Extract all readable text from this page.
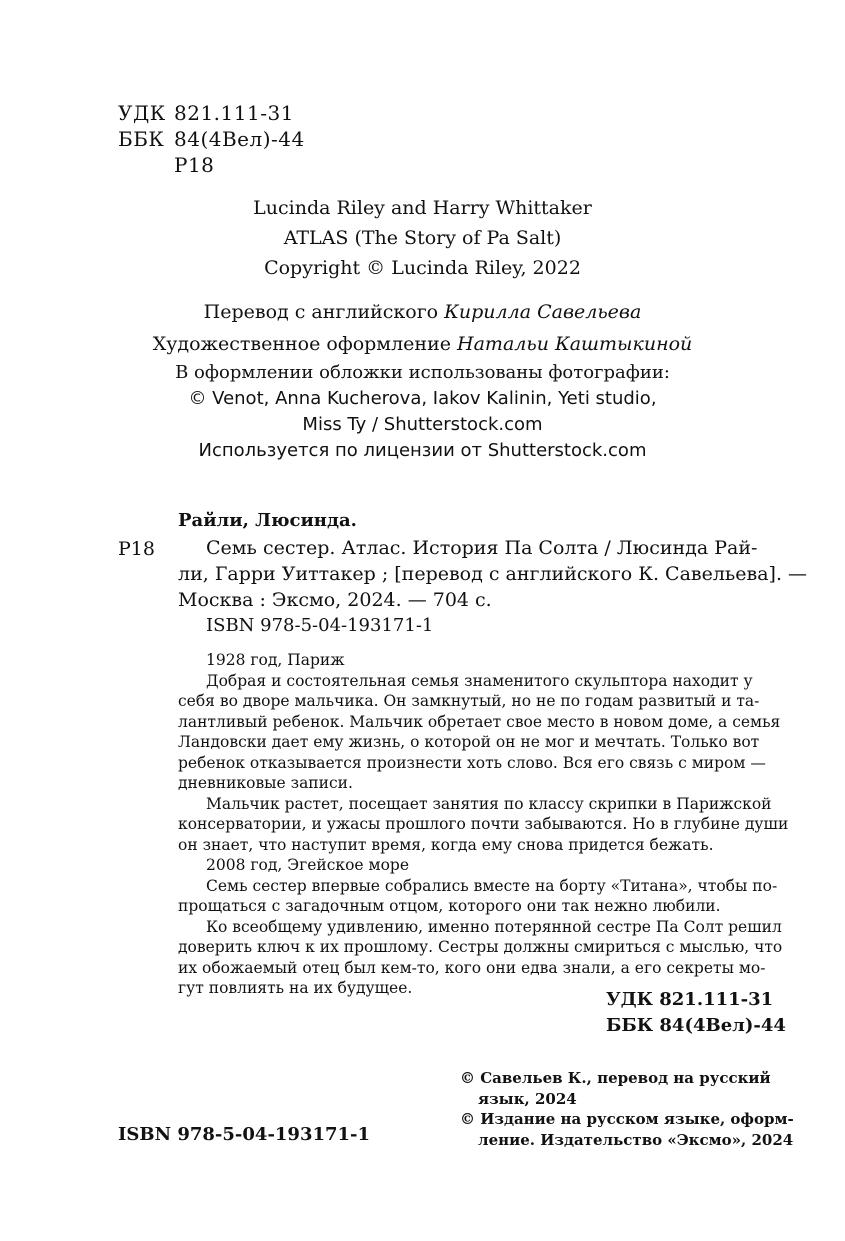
УДК 821.111-31
ББК 84(4Вел)-44
Р18
Lucinda Riley and Harry Whittaker
ATLAS (The Story of Pa Salt)
Copyright © Lucinda Riley, 2022
Перевод с английского Кирилла Савельева
Художественное оформление Натальи Каштыкиной
В оформлении обложки использованы фотографии:
© Venot, Anna Kucherova, Iakov Kalinin, Yeti studio,
Miss Ty / Shutterstock.com
Используется по лицензии от Shutterstock.com
Райли, Люсинда.
Р18	Семь сестер. Атлас. История Па Солта / Люсинда Рай-
ли, Гарри Уиттакер ; [перевод с английского К. Савельева]. —
Москва : Эксмо, 2024. — 704 с.
ISBN 978-5-04-193171-1
1928 год, Париж
Добрая и состоятельная семья знаменитого скульптора находит у
себя во дворе мальчика. Он замкнутый, но не по годам развитый и та-
лантливый ребенок. Мальчик обретает свое место в новом доме, а семья
Ландовски дает ему жизнь, о которой он не мог и мечтать. Только вот
ребенок отказывается произнести хоть слово. Вся его связь с миром —
дневниковые записи.
Мальчик растет, посещает занятия по классу скрипки в Парижской
консерватории, и ужасы прошлого почти забываются. Но в глубине души
он знает, что наступит время, когда ему снова придется бежать.
2008 год, Эгейское море
Семь сестер впервые собрались вместе на борту «Титана», чтобы по-
прощаться с загадочным отцом, которого они так нежно любили.
Ко всеобщему удивлению, именно потерянной сестре Па Солт решил
доверить ключ к их прошлому. Сестры должны смириться с мыслью, что
их обожаемый отец был кем-то, кого они едва знали, а его секреты мо-
гут повлиять на их будущее.
УДК 821.111-31
ББК 84(4Вел)-44
© Савельев К., перевод на русский
язык, 2024
© Издание на русском языке, оформ-
ление. Издательство «Эксмо», 2024
ISBN 978-5-04-193171-1
